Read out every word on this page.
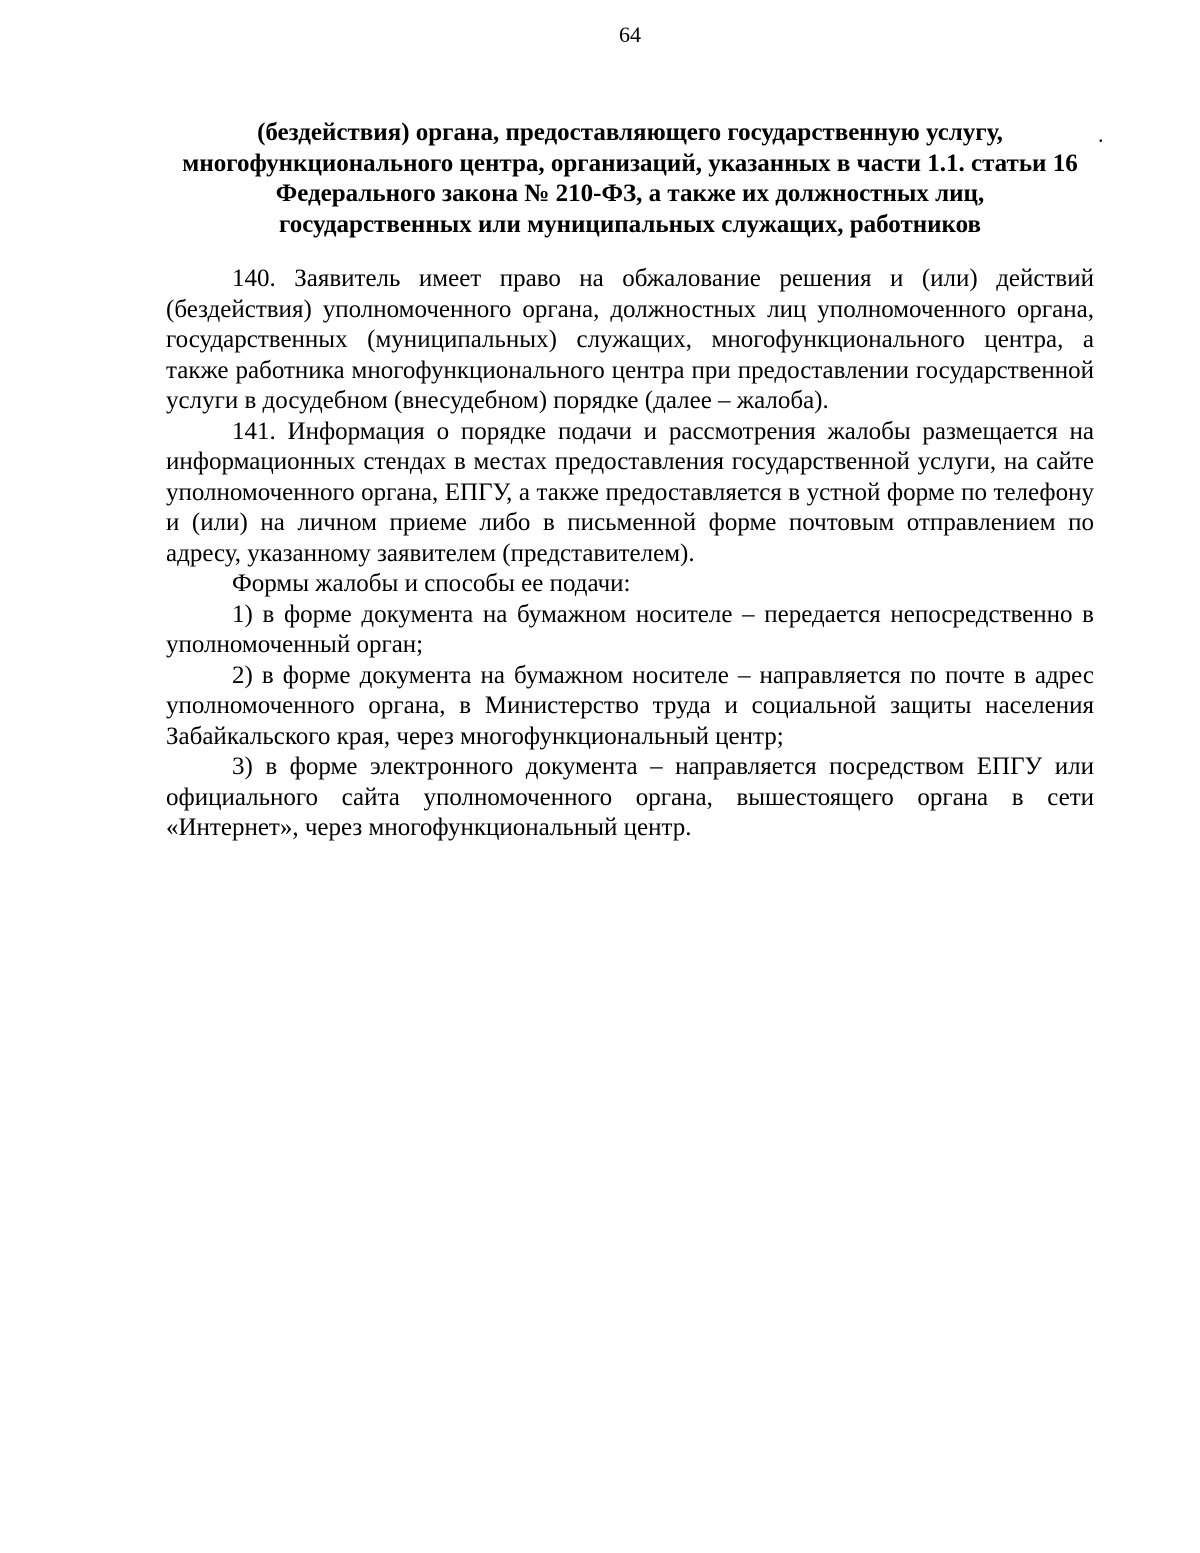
64
(бездействия) органа, предоставляющего государственную услугу,
многофункционального центра, организаций, указанных в части 1.1. статьи 16
Федерального закона № 210-ФЗ, а также их должностных лиц,
государственных или муниципальных служащих, работников
.

140. Заявитель имеет право на обжалование решения и (или) действий (бездействия) уполномоченного органа, должностных лиц уполномоченного органа, государственных (муниципальных) служащих, многофункционального центра, а также работника многофункционального центра при предоставлении государственной услуги в досудебном (внесудебном) порядке (далее – жалоба).

141. Информация о порядке подачи и рассмотрения жалобы размещается на информационных стендах в местах предоставления государственной услуги, на сайте уполномоченного органа, ЕПГУ, а также предоставляется в устной форме по телефону и (или) на личном приеме либо в письменной форме почтовым отправлением по адресу, указанному заявителем (представителем).

Формы жалобы и способы ее подачи:

1) в форме документа на бумажном носителе – передается непосредственно в уполномоченный орган;

2) в форме документа на бумажном носителе – направляется по почте в адрес уполномоченного органа, в Министерство труда и социальной защиты населения Забайкальского края, через многофункциональный центр;

3) в форме электронного документа – направляется посредством ЕПГУ или официального сайта уполномоченного органа, вышестоящего органа в сети «Интернет», через многофункциональный центр.
